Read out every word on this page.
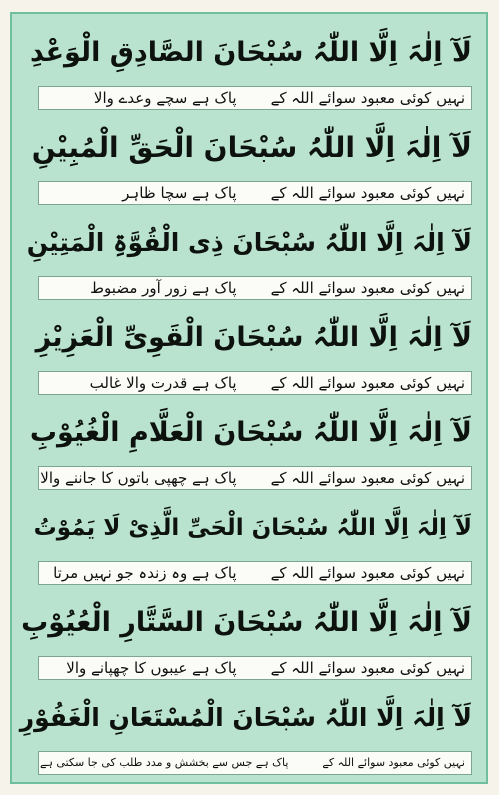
لَآ اِلٰہَ اِلَّا اللّٰہُ سُبْحَانَ الصَّادِقِ الْوَعْدِ
نہیں کوئی معبود سوائے اللہ کےپاک ہے سچے وعدے والا
لَآ اِلٰہَ اِلَّا اللّٰہُ سُبْحَانَ الْحَقِّ الْمُبِیْنِ
نہیں کوئی معبود سوائے اللہ کےپاک ہے سچا ظاہر
لَآ اِلٰہَ اِلَّا اللّٰہُ سُبْحَانَ ذِی الْقُوَّۃِ الْمَتِیْنِ
نہیں کوئی معبود سوائے اللہ کےپاک ہے زور آور مضبوط
لَآ اِلٰہَ اِلَّا اللّٰہُ سُبْحَانَ الْقَوِیِّ الْعَزِیْزِ
نہیں کوئی معبود سوائے اللہ کےپاک ہے قدرت والا غالب
لَآ اِلٰہَ اِلَّا اللّٰہُ سُبْحَانَ الْعَلَّامِ الْغُیُوْبِ
نہیں کوئی معبود سوائے اللہ کےپاک ہے چھپی باتوں کا جاننے والا
لَآ اِلٰہَ اِلَّا اللّٰہُ سُبْحَانَ الْحَیِّ الَّذِیْ لَا یَمُوْتُ
نہیں کوئی معبود سوائے اللہ کےپاک ہے وہ زندہ جو نہیں مرتا
لَآ اِلٰہَ اِلَّا اللّٰہُ سُبْحَانَ السَّتَّارِ الْعُیُوْبِ
نہیں کوئی معبود سوائے اللہ کےپاک ہے عیبوں کا چھپانے والا
لَآ اِلٰہَ اِلَّا اللّٰہُ سُبْحَانَ الْمُسْتَعَانِ الْغَفُوْرِ
نہیں کوئی معبود سوائے اللہ کےپاک ہے جس سے بخشش و مدد طلب کی جا سکتی ہے
